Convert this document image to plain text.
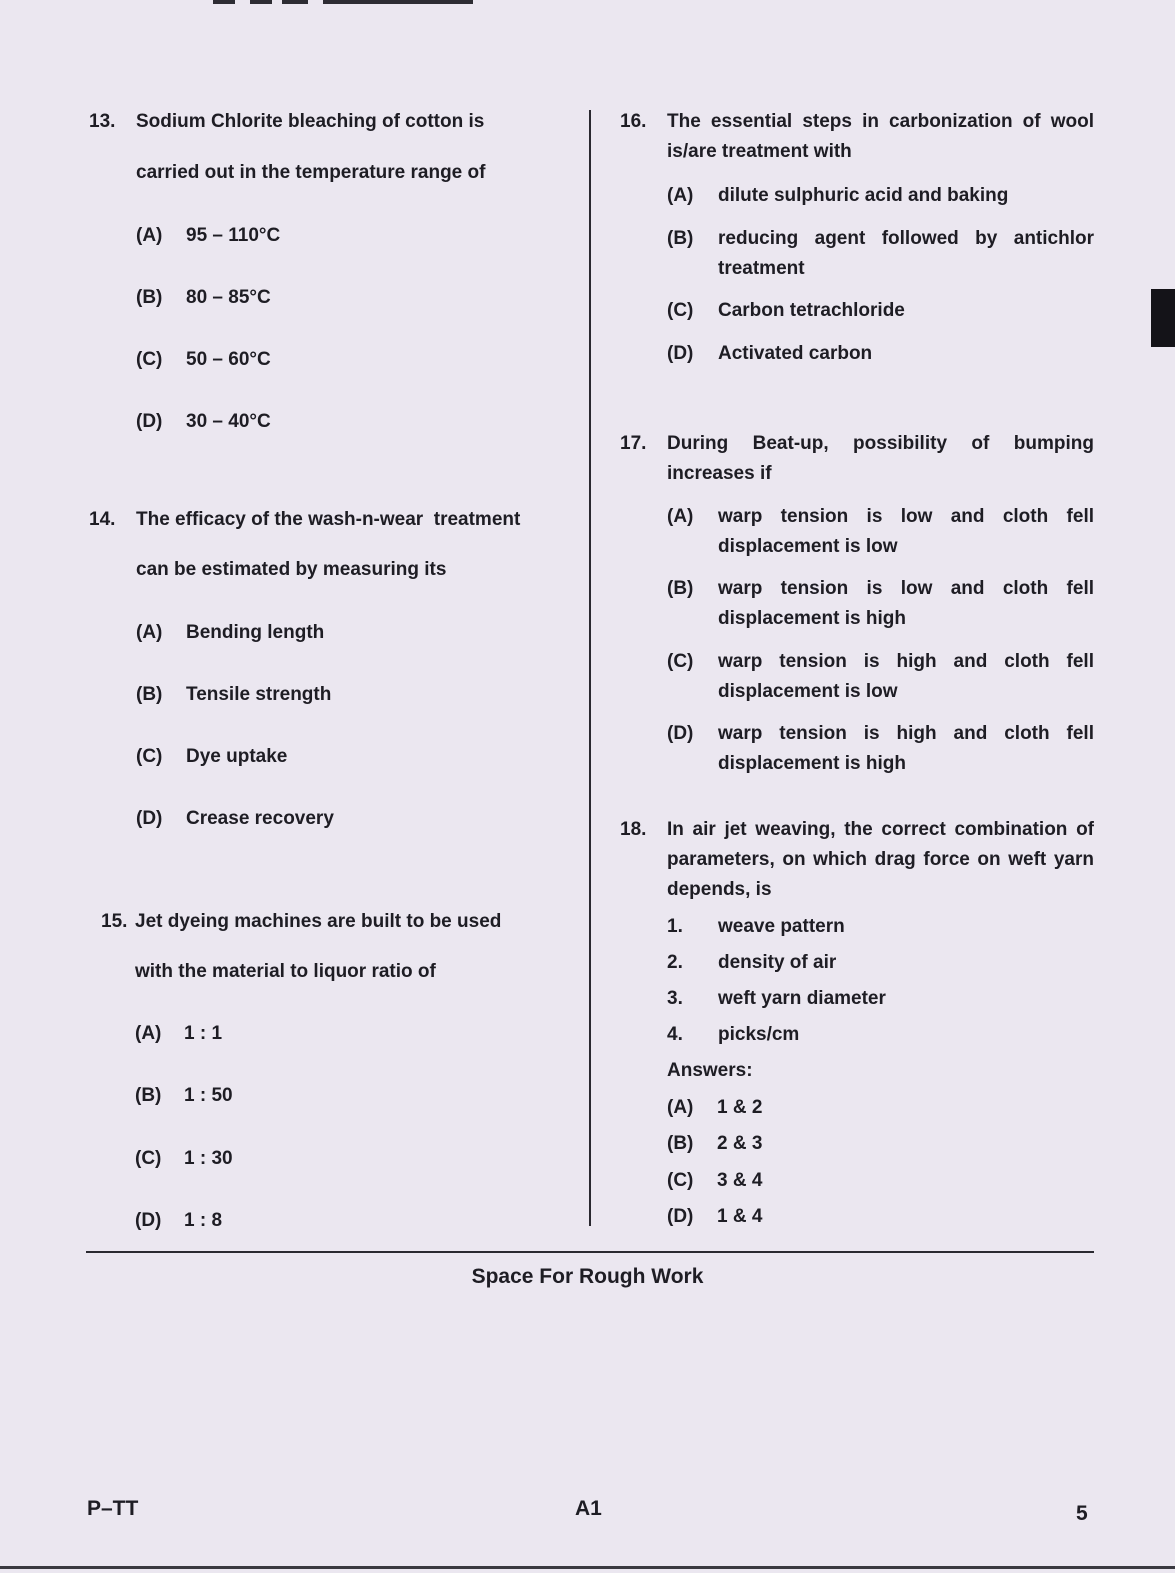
13. Sodium Chlorite bleaching of cotton is
carried out in the temperature range of
(A) 95 – 110°C
(B) 80 – 85°C
(C) 50 – 60°C
(D) 30 – 40°C
14. The efficacy of the wash-n-wear  treatment
can be estimated by measuring its
(A) Bending length
(B) Tensile strength
(C) Dye uptake
(D) Crease recovery
15. Jet dyeing machines are built to be used
with the material to liquor ratio of
(A) 1 : 1
(B) 1 : 50
(C) 1 : 30
(D) 1 : 8
16. The essential steps in carbonization of wool is/are treatment with
(A) dilute sulphuric acid and baking
(B) reducing agent followed by antichlor treatment
(C) Carbon tetrachloride
(D) Activated carbon
17. During Beat-up, possibility of bumping increases if
(A) warp tension is low and cloth fell displacement is low
(B) warp tension is low and cloth fell displacement is high
(C) warp tension is high and cloth fell displacement is low
(D) warp tension is high and cloth fell displacement is high
18. In air jet weaving, the correct combination of parameters, on which drag force on weft yarn depends, is
1. weave pattern
2. density of air
3. weft yarn diameter
4. picks/cm
Answers:
(A) 1 & 2
(B) 2 & 3
(C) 3 & 4
(D) 1 & 4
Space For Rough Work
P–TT	A1	5
